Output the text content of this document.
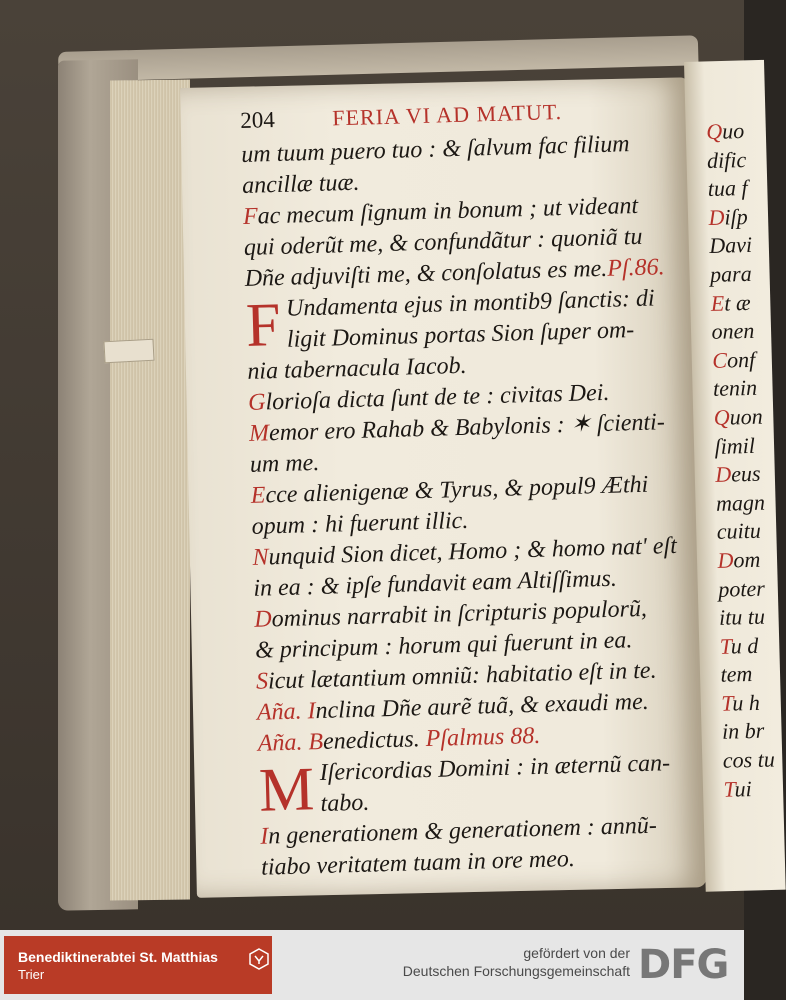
204	FERIA VI AD MATUT.
um tuum puero tuo : & ſalvum fac filium
ancillæ tuæ.
Fac mecum ſignum in bonum ; ut videant
qui oderũt me, & confundãtur : quoniã tu
Dñe adjuviſti me, & conſolatus es me.Pſ.86.
F Undamenta ejus in montib9 ſanctis: di
ligit Dominus portas Sion ſuper om-
nia tabernacula Iacob.
Glorioſa dicta ſunt de te : civitas Dei.
Memor ero Rahab & Babylonis : ✶ ſcienti-
um me.
Ecce alienigenæ & Tyrus, & popul9 Æthi
opum : hi fuerunt illic.
Nunquid Sion dicet, Homo ; & homo nat' eſt
in ea : & ipſe fundavit eam Altiſſimus.
Dominus narrabit in ſcripturis populorũ,
& principum : horum qui fuerunt in ea.
Sicut lætantium omniũ: habitatio eſt in te.
Aña. Inclina Dñe aurẽ tuã, & exaudi me.
Aña. Benedictus. Pſalmus 88.
M Iſericordias Domini : in æternũ can-
tabo.
In generationem & generationem : annũ-
tiabo veritatem tuam in ore meo.
Quo
dific
tua f
Diſp
Davi
para
Et æ
onen
Conf
tenin
Quon
ſimil
Deus
magn
cuitu
Dom
poter
itu tu
Tu d
tem
Tu h
in br
cos tu
Tui
Benediktinerabtei St. Matthias
Trier
gefördert von der
Deutschen Forschungsgemeinschaft DFG
